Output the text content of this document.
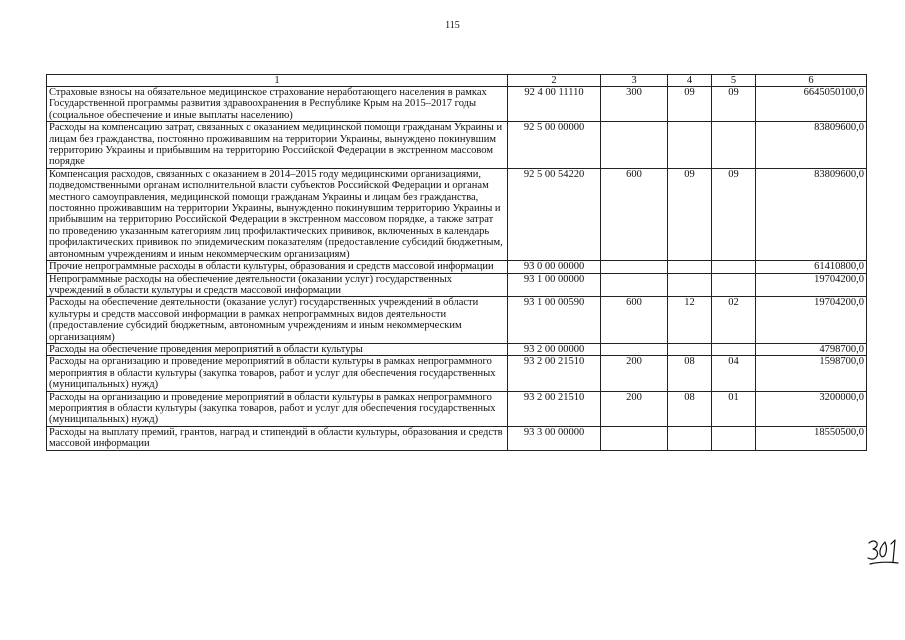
115
1	2	3	4	5	6
Страховые взносы на обязательное медицинское страхование неработающего населения в рамках Государственной программы развития здравоохранения в Республике Крым на 2015–2017 годы (социальное обеспечение и иные выплаты населению)	92 4 00 11110	300	09	09	6645050100,0
Расходы на компенсацию затрат, связанных с оказанием медицинской помощи гражданам Украины и лицам без гражданства, постоянно проживавшим на территории Украины, вынуждено покинувшим территорию Украины и прибывшим на территорию Российской Федерации в экстренном массовом порядке	92 5 00 00000				83809600,0
Компенсация расходов, связанных с оказанием в 2014–2015 году медицинскими организациями, подведомственными органам исполнительной власти субъектов Российской Федерации и органам местного самоуправления, медицинской помощи гражданам Украины и лицам без гражданства, постоянно проживавшим на территории Украины, вынужденно покинувшим территорию Украины и прибывшим на территорию Российской Федерации в экстренном массовом порядке, а также затрат по проведению указанным категориям лиц профилактических прививок, включенных в календарь профилактических прививок по эпидемическим показателям (предоставление субсидий бюджетным, автономным учреждениям и иным некоммерческим организациям)	92 5 00 54220	600	09	09	83809600,0
Прочие непрограммные расходы в области культуры, образования и средств массовой информации	93 0 00 00000				61410800,0
Непрограммные расходы на обеспечение деятельности (оказании услуг) государственных учреждений в области культуры и средств массовой информации	93 1 00 00000				19704200,0
Расходы на обеспечение деятельности (оказание услуг) государственных учреждений в области культуры и средств массовой информации в рамках непрограммных видов деятельности (предоставление субсидий бюджетным, автономным учреждениям и иным некоммерческим организациям)	93 1 00 00590	600	12	02	19704200,0
Расходы на обеспечение проведения мероприятий в области культуры	93 2 00 00000				4798700,0
Расходы на организацию и проведение мероприятий в области культуры в рамках непрограммного мероприятия в области культуры (закупка товаров, работ и услуг для обеспечения государственных (муниципальных) нужд)	93 2 00 21510	200	08	04	1598700,0
Расходы на организацию и проведение мероприятий в области культуры в рамках непрограммного мероприятия в области культуры (закупка товаров, работ и услуг для обеспечения государственных (муниципальных) нужд)	93 2 00 21510	200	08	01	3200000,0
Расходы на выплату премий, грантов, наград и стипендий в области культуры, образования и средств массовой информации	93 3 00 00000				18550500,0
